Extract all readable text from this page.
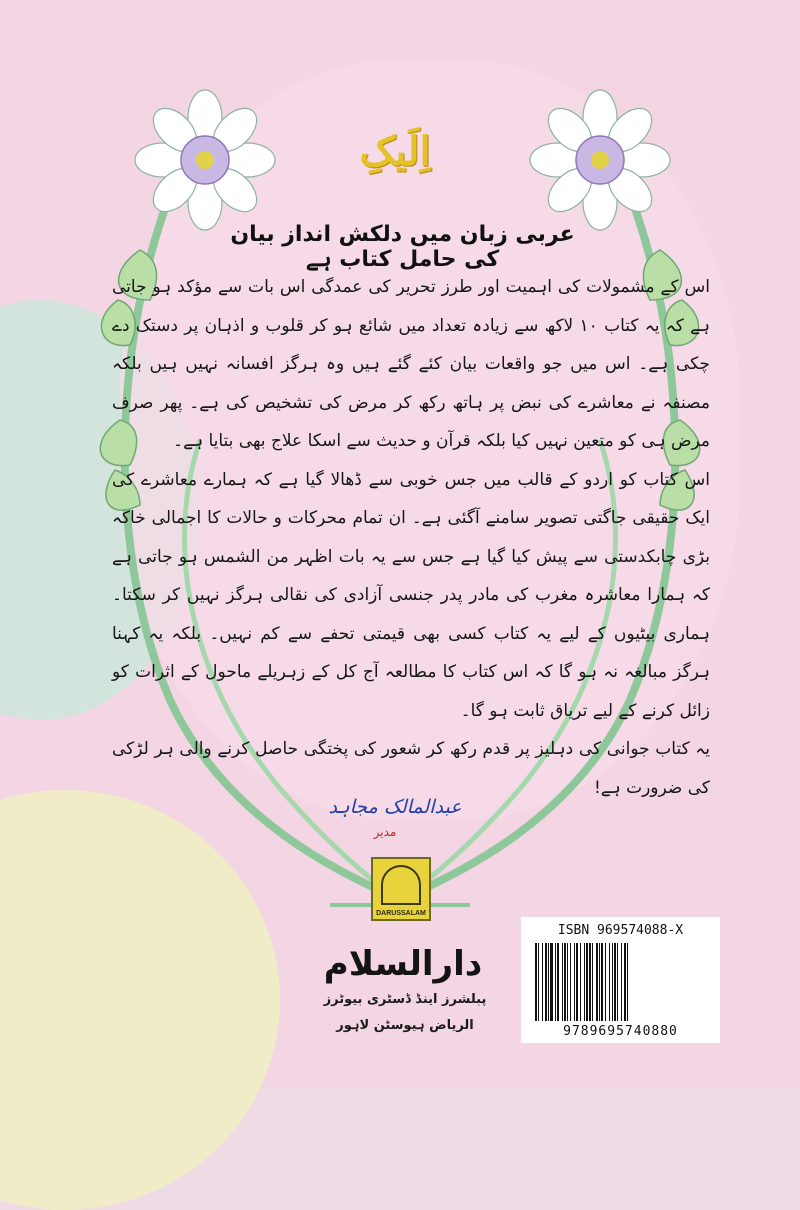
اِلَیکِ
عربی زبان میں دلکش انداز بیان کی حامل کتاب ہے

اس کے مشمولات کی اہمیت اور طرز تحریر کی عمدگی اس بات سے مؤکد ہو جاتی ہے کہ یہ کتاب ۱۰ لاکھ سے زیادہ تعداد میں شائع ہو کر قلوب و اذہان پر دستک دے چکی ہے۔ اس میں جو واقعات بیان کئے گئے ہیں وہ ہرگز افسانہ نہیں ہیں بلکہ مصنفہ نے معاشرے کی نبض پر ہاتھ رکھ کر مرض کی تشخیص کی ہے۔ پھر صرف مرض ہی کو متعین نہیں کیا بلکہ قرآن و حدیث سے اسکا علاج بھی بتایا ہے۔

اس کتاب کو اردو کے قالب میں جس خوبی سے ڈھالا گیا ہے کہ ہمارے معاشرے کی ایک حقیقی جاگتی تصویر سامنے آگئی ہے۔ ان تمام محرکات و حالات کا اجمالی خاکہ بڑی چابکدستی سے پیش کیا گیا ہے جس سے یہ بات اظہر من الشمس ہو جاتی ہے کہ ہمارا معاشرہ مغرب کی مادر پدر جنسی آزادی کی نقالی ہرگز نہیں کر سکتا۔ ہماری بیٹیوں کے لیے یہ کتاب کسی بھی قیمتی تحفے سے کم نہیں۔ بلکہ یہ کہنا ہرگز مبالغہ نہ ہو گا کہ اس کتاب کا مطالعہ آج کل کے زہریلے ماحول کے اثرات کو زائل کرنے کے لیے تریاق ثابت ہو گا۔

یہ کتاب جوانی کی دہلیز پر قدم رکھ کر شعور کی پختگی حاصل کرنے والی ہر لڑکی کی ضرورت ہے!

عبدالمالک مجاہد
مدیر
DARUSSALAM
دارالسلام
پبلشرز اینڈ ڈسٹری بیوٹرز
الریاض ہیوسٹن لاہور
ISBN 969574088-X
9789695740880
